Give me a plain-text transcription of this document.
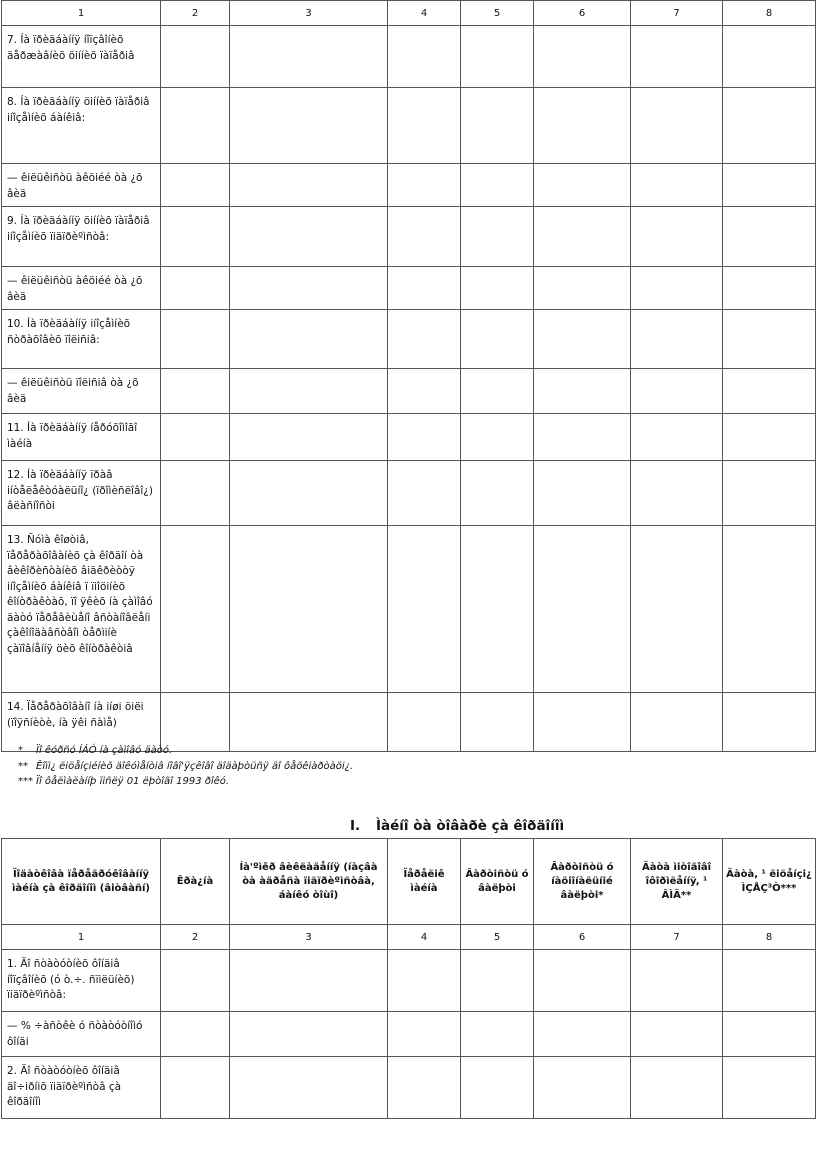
1	2	3	4	5	6	7	8
7. Íà ïðèäáàííÿ íîïçâîíèõ äåðæàâíèõ öiííèõ ïàïåðiâ							
8. Íà ïðèäáàííÿ öiííèõ ïàïåðiâ iíîçåìíèõ áàíêiâ:							
— êiëüêiñòü àêöiéé òà ¿õ âèä							
9. Íà ïðèäáàííÿ öiííèõ ïàïåðiâ iíîçåìíèõ ïiäïðèºìñòâ:							
— êiëüêiñòü àêöiéé òà ¿õ âèä							
10. Íà ïðèäáàííÿ iíîçåìíèõ ñòðàõîâèõ ïîëiñiâ:							
— êiëüêiñòü ïîëiñiâ òà ¿õ âèä							
11. Íà ïðèäáàííÿ íåðóõîìîãî ìàéíà							
12. Íà ïðèäáàííÿ ïðàâ iíòåëåêòóàëüíî¿ (ïðîìèñëîâî¿) âëàñíîñòi							
13. Ñóìà êîøòiâ, ïåðåðàõîâàíèõ çà êîðäîí òà âèêîðèñòàíèõ âiäêðèòòÿ iíîçåìíèõ áàíêiâ ï ïiîöiíèõ êîíòðàêòàõ, ïî ÿêèõ íà çàìîâó äàòó ïåðåâèùåíî âñòàíîâëåíi çàêîíîäàâñòâîì òåðìiíè çàïîâíåííÿ öèõ êîíòðàêòiâ							
14. Ïåðåðàõîâàíî íà iíøi öiëi (ïîÿñíèòè, íà ÿêi ñàìå)							
* Ïî êóðñó ÍÁÓ íà çàìîâó äàòó.
** Êîïi¿ ëiöåíçiéíèõ äîêóìåíòiâ íîâî'ÿçêîâî äîäàþòüñÿ äî ôåõêiàðòàöi¿.
*** Ïî ôåëìàëàííþ ïiñëÿ 01 ëþòîãî 1993 ðîêó.
I. Ìàéíî òà òîâàðè çà êîðäîíîì
Ïîäàòêîâà ïåðåäðóêîâàííÿ ìàéíà çà êîðäîíîì (âiòâàñí)	Êðà¿íà	Íà'ºìêð âèêëàäåííÿ (íàçâà òà àäðåñà ïiäïðèºìñòâà, áàíêó òîùî)	Ïåðåëiê ìàéíà	Âàðòiñòü ó âàëþòi	Âàðòiñòü ó íàöiîíàëüíié âàëþòi*	Äàòà ìiòîãîâî îôîðìëåííÿ, ¹ ÂÌÄ**	Äàòà, ¹ ëiöåíçi¿ ÌÇÅÇ³Ò***
1	2	3	4	5	6	7	8
1. Äî ñòàòóòíèõ ôîíäiâ íîïçâîíèõ (ó ò.÷. ñïiëüíèõ) ïiäïðèºìñòâ:							
— % ÷àñòêè ó ñòàòóòíîìó ôîíäi							
2. Äî ñòàòóòíèõ ôîíäiâ äî÷iðíiõ ïiäïðèºìñòâ çà êîðäîíîì							
